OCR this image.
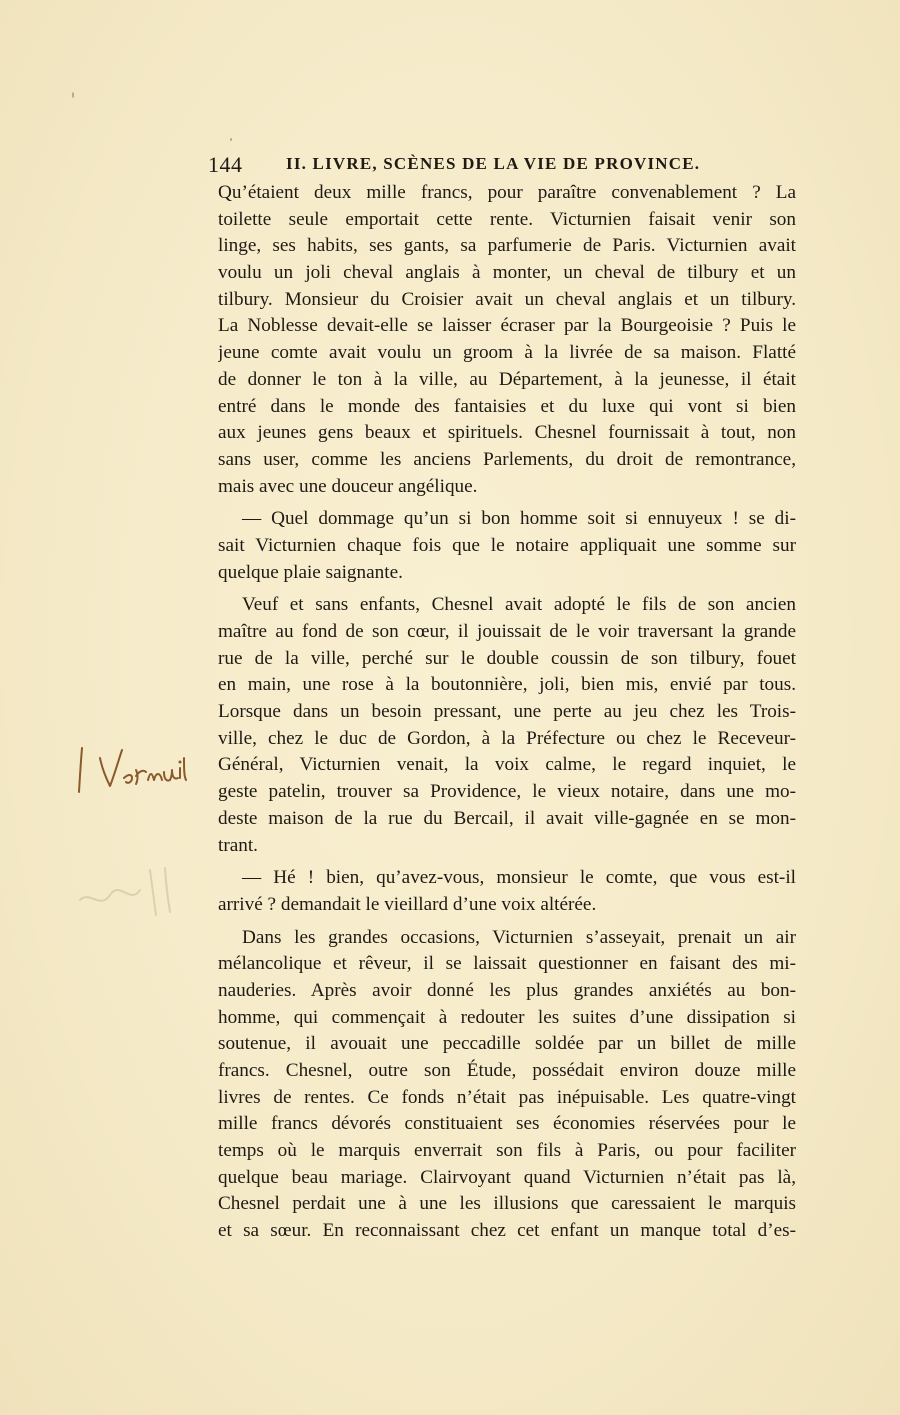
144	II. LIVRE, SCÈNES DE LA VIE DE PROVINCE.
Qu’étaient deux mille francs, pour paraître convenablement ? La
toilette seule emportait cette rente. Victurnien faisait venir son
linge, ses habits, ses gants, sa parfumerie de Paris. Victurnien avait
voulu un joli cheval anglais à monter, un cheval de tilbury et un
tilbury. Monsieur du Croisier avait un cheval anglais et un tilbury.
La Noblesse devait-elle se laisser écraser par la Bourgeoisie ? Puis le
jeune comte avait voulu un groom à la livrée de sa maison. Flatté
de donner le ton à la ville, au Département, à la jeunesse, il était
entré dans le monde des fantaisies et du luxe qui vont si bien
aux jeunes gens beaux et spirituels. Chesnel fournissait à tout, non
sans user, comme les anciens Parlements, du droit de remontrance,
mais avec une douceur angélique.
— Quel dommage qu’un si bon homme soit si ennuyeux ! se di-
sait Victurnien chaque fois que le notaire appliquait une somme sur
quelque plaie saignante.
Veuf et sans enfants, Chesnel avait adopté le fils de son ancien
maître au fond de son cœur, il jouissait de le voir traversant la grande
rue de la ville, perché sur le double coussin de son tilbury, fouet
en main, une rose à la boutonnière, joli, bien mis, envié par tous.
Lorsque dans un besoin pressant, une perte au jeu chez les Trois-
ville, chez le duc de Gordon, à la Préfecture ou chez le Receveur-
Général, Victurnien venait, la voix calme, le regard inquiet, le
geste patelin, trouver sa Providence, le vieux notaire, dans une mo-
deste maison de la rue du Bercail, il avait ville-gagnée en se mon-
trant.
— Hé ! bien, qu’avez-vous, monsieur le comte, que vous est-il
arrivé ? demandait le vieillard d’une voix altérée.
Dans les grandes occasions, Victurnien s’asseyait, prenait un air
mélancolique et rêveur, il se laissait questionner en faisant des mi-
nauderies. Après avoir donné les plus grandes anxiétés au bon-
homme, qui commençait à redouter les suites d’une dissipation si
soutenue, il avouait une peccadille soldée par un billet de mille
francs. Chesnel, outre son Étude, possédait environ douze mille
livres de rentes. Ce fonds n’était pas inépuisable. Les quatre-vingt
mille francs dévorés constituaient ses économies réservées pour le
temps où le marquis enverrait son fils à Paris, ou pour faciliter
quelque beau mariage. Clairvoyant quand Victurnien n’était pas là,
Chesnel perdait une à une les illusions que caressaient le marquis
et sa sœur. En reconnaissant chez cet enfant un manque total d’es-
